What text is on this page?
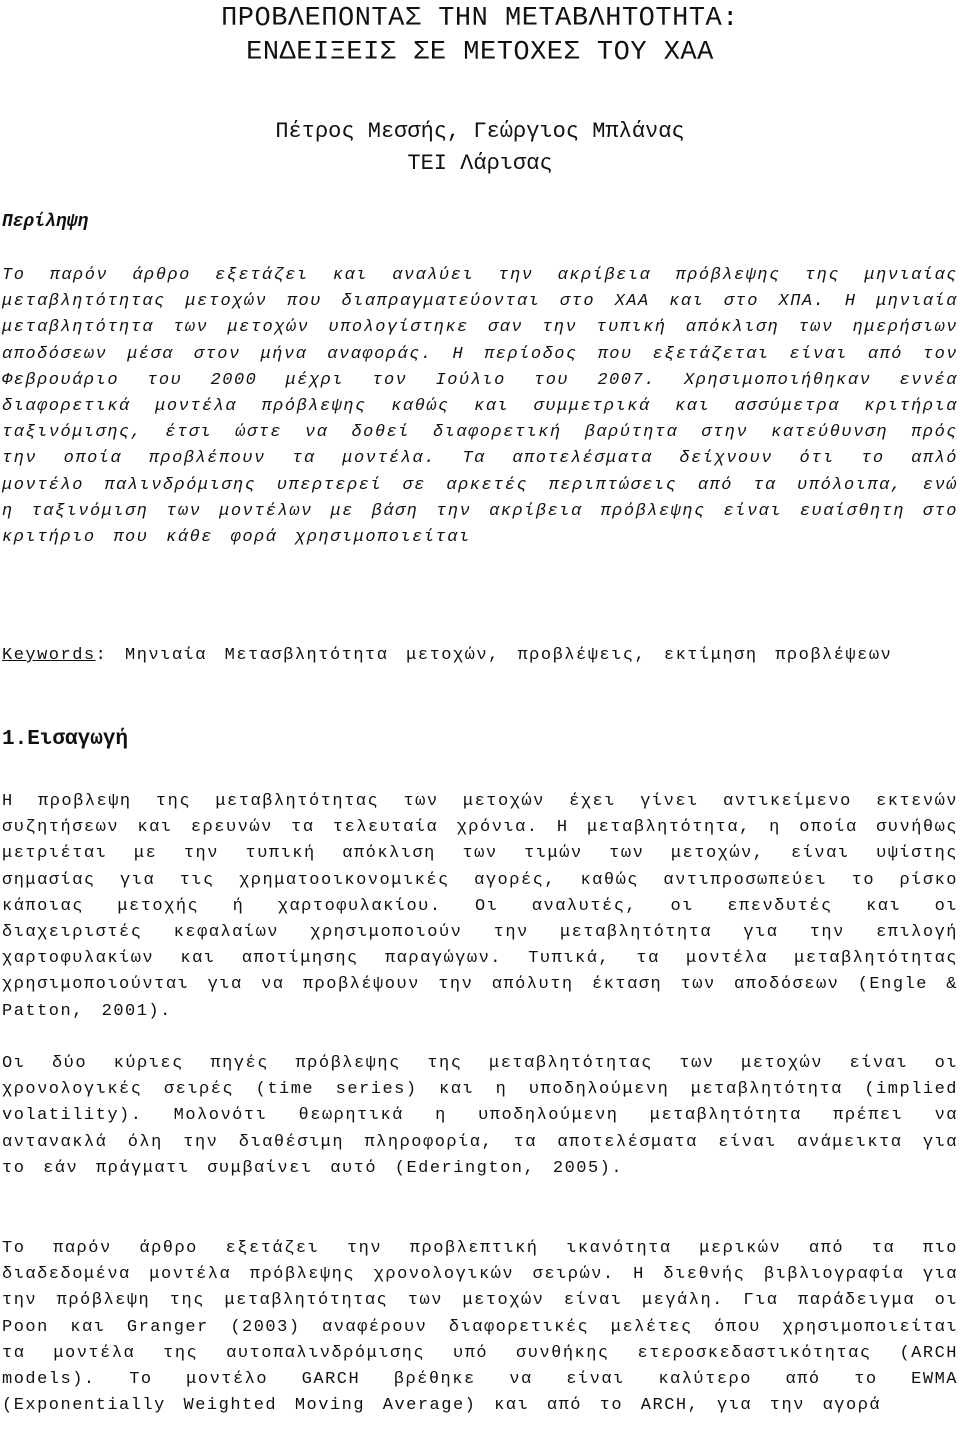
ΠΡΟΒΛΕΠΟΝΤΑΣ ΤΗΝ ΜΕΤΑΒΛΗΤΟΤΗΤΑ:
ΕΝΔΕΙΞΕΙΣ ΣΕ ΜΕΤΟΧΕΣ ΤΟΥ ΧΑΑ
Πέτρος Μεσσής, Γεώργιος Μπλάνας
ΤΕΙ Λάρισας
Περίληψη

Το παρόν άρθρο εξετάζει και αναλύει την ακρίβεια πρόβλεψης της μηνιαίας μεταβλητότητας μετοχών που διαπραγματεύονται στο ΧΑΑ και στο ΧΠΑ. Η μηνιαία μεταβλητότητα των μετοχών υπολογίστηκε σαν την τυπική απόκλιση των ημερήσιων αποδόσεων μέσα στον μήνα αναφοράς. Η περίοδος που εξετάζεται είναι από τον Φεβρουάριο του 2000 μέχρι τον Ιούλιο του 2007. Χρησιμοποιήθηκαν εννέα διαφορετικά μοντέλα πρόβλεψης καθώς και συμμετρικά και ασσύμετρα κριτήρια ταξινόμισης, έτσι ώστε να δοθεί διαφορετική βαρύτητα στην κατεύθυνση πρός την οποία προβλέπουν τα μοντέλα. Τα αποτελέσματα δείχνουν ότι το απλό μοντέλο παλινδρόμισης υπερτερεί σε αρκετές περιπτώσεις από τα υπόλοιπα, ενώ η ταξινόμιση των μοντέλων με βάση την ακρίβεια πρόβλεψης είναι ευαίσθητη στο κριτήριο που κάθε φορά χρησιμοποιείται

Keywords: Μηνιαία Μετασβλητότητα μετοχών, προβλέψεις, εκτίμηση προβλέψεων

1.Εισαγωγή

Η προβλεψη της μεταβλητότητας των μετοχών έχει γίνει αντικείμενο εκτενών συζητήσεων και ερευνών τα τελευταία χρόνια. Η μεταβλητότητα, η οποία συνήθως μετριέται με την τυπική απόκλιση των τιμών των μετοχών, είναι υψίστης σημασίας για τις χρηματοοικονομικές αγορές, καθώς αντιπροσωπεύει το ρίσκο κάποιας μετοχής ή χαρτοφυλακίου. Οι αναλυτές, οι επενδυτές και οι διαχειριστές κεφαλαίων χρησιμοποιούν την μεταβλητότητα για την επιλογή χαρτοφυλακίων και αποτίμησης παραγώγων. Τυπικά, τα μοντέλα μεταβλητότητας χρησιμοποιούνται για να προβλέψουν την απόλυτη έκταση των αποδόσεων (Engle & Patton, 2001).

Οι δύο κύριες πηγές πρόβλεψης της μεταβλητότητας των μετοχών είναι οι χρονολογικές σειρές (time series) και η υποδηλούμενη μεταβλητότητα (implied volatility). Μολονότι θεωρητικά η υποδηλούμενη μεταβλητότητα πρέπει να αντανακλά όλη την διαθέσιμη πληροφορία, τα αποτελέσματα είναι ανάμεικτα για το εάν πράγματι συμβαίνει αυτό (Ederington, 2005).

Το παρόν άρθρο εξετάζει την προβλεπτική ικανότητα μερικών από τα πιο διαδεδομένα μοντέλα πρόβλεψης χρονολογικών σειρών. Η διεθνής βιβλιογραφία για την πρόβλεψη της μεταβλητότητας των μετοχών είναι μεγάλη. Για παράδειγμα οι Poon και Granger (2003) αναφέρουν διαφορετικές μελέτες όπου χρησιμοποιείται τα μοντέλα της αυτοπαλινδρόμισης υπό συνθήκης ετεροσκεδαστικότητας (ARCH models). Το μοντέλο GARCH βρέθηκε να είναι καλύτερο από το EWMA (Exponentially Weighted Moving Average) και από το ARCH, για την αγορά
